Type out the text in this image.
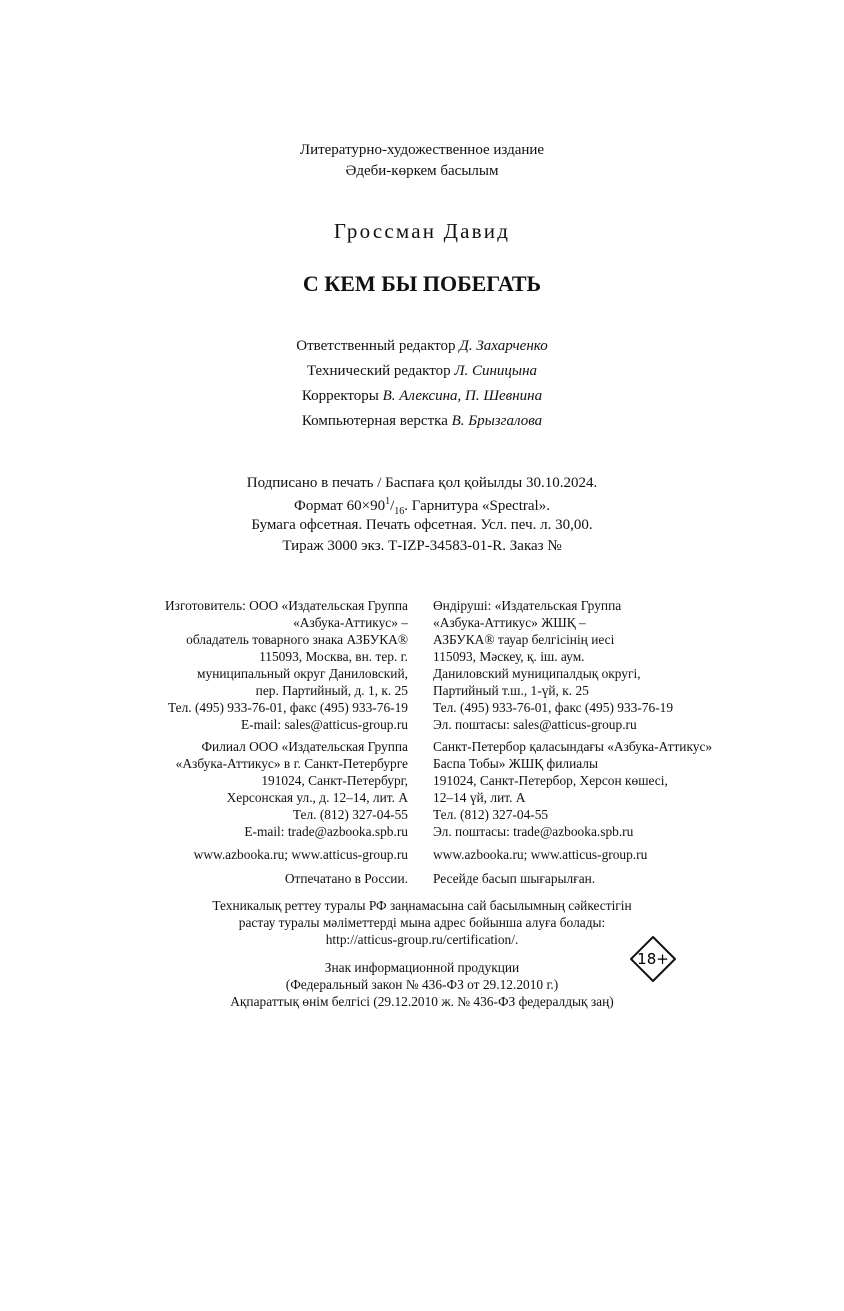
Литературно-художественное издание
Әдеби-көркем басылым
Гроссман Давид
С КЕМ БЫ ПОБЕГАТЬ
Ответственный редактор Д. Захарченко
Технический редактор Л. Синицына
Корректоры В. Алексина, П. Шевнина
Компьютерная верстка В. Брызгалова
Подписано в печать / Баспаға қол қойылды 30.10.2024.
Формат $60\times 90^1/_{16}$. Гарнитура «Spectral».
Бумага офсетная. Печать офсетная. Усл. печ. л. 30,00.
Тираж 3000 экз. Т-IZP-34583-01-R. Заказ №
Изготовитель: ООО «Издательская Группа
«Азбука-Аттикус» –
обладатель товарного знака АЗБУКА®
115093, Москва, вн. тер. г.
муниципальный округ Даниловский,
пер. Партийный, д. 1, к. 25
Тел. (495) 933-76-01, факс (495) 933-76-19
E-mail: sales@atticus-group.ru
Өндіруші: «Издательская Группа
«Азбука-Аттикус» ЖШҚ –
АЗБУКА® тауар белгісінің иесі
115093, Мәскеу, қ. іш. аум.
Даниловский муниципалдық округі,
Партийный т.ш., 1-үй, к. 25
Тел. (495) 933-76-01, факс (495) 933-76-19
Эл. поштасы: sales@atticus-group.ru
Филиал ООО «Издательская Группа
«Азбука-Аттикус» в г. Санкт-Петербурге
191024, Санкт-Петербург,
Херсонская ул., д. 12–14, лит. А
Тел. (812) 327-04-55
E-mail: trade@azbooka.spb.ru
Санкт-Петербор қаласындағы «Азбука-Аттикус»
Баспа Тобы» ЖШҚ филиалы
191024, Санкт-Петербор, Херсон көшесі,
12–14 үй, лит. А
Тел. (812) 327-04-55
Эл. поштасы: trade@azbooka.spb.ru
www.azbooka.ru; www.atticus-group.ru www.azbooka.ru; www.atticus-group.ru
Отпечатано в России. Ресейде басып шығарылған.
Техникалық реттеу туралы РФ заңнамасына сай басылымның сәйкестігін
растау туралы мәліметтерді мына адрес бойынша алуға болады:
http://atticus-group.ru/certification/.
18+
Знак информационной продукции
(Федеральный закон № 436-ФЗ от 29.12.2010 г.)
Ақпараттық өнім белгісі (29.12.2010 ж. № 436-ФЗ федералдық заң)
